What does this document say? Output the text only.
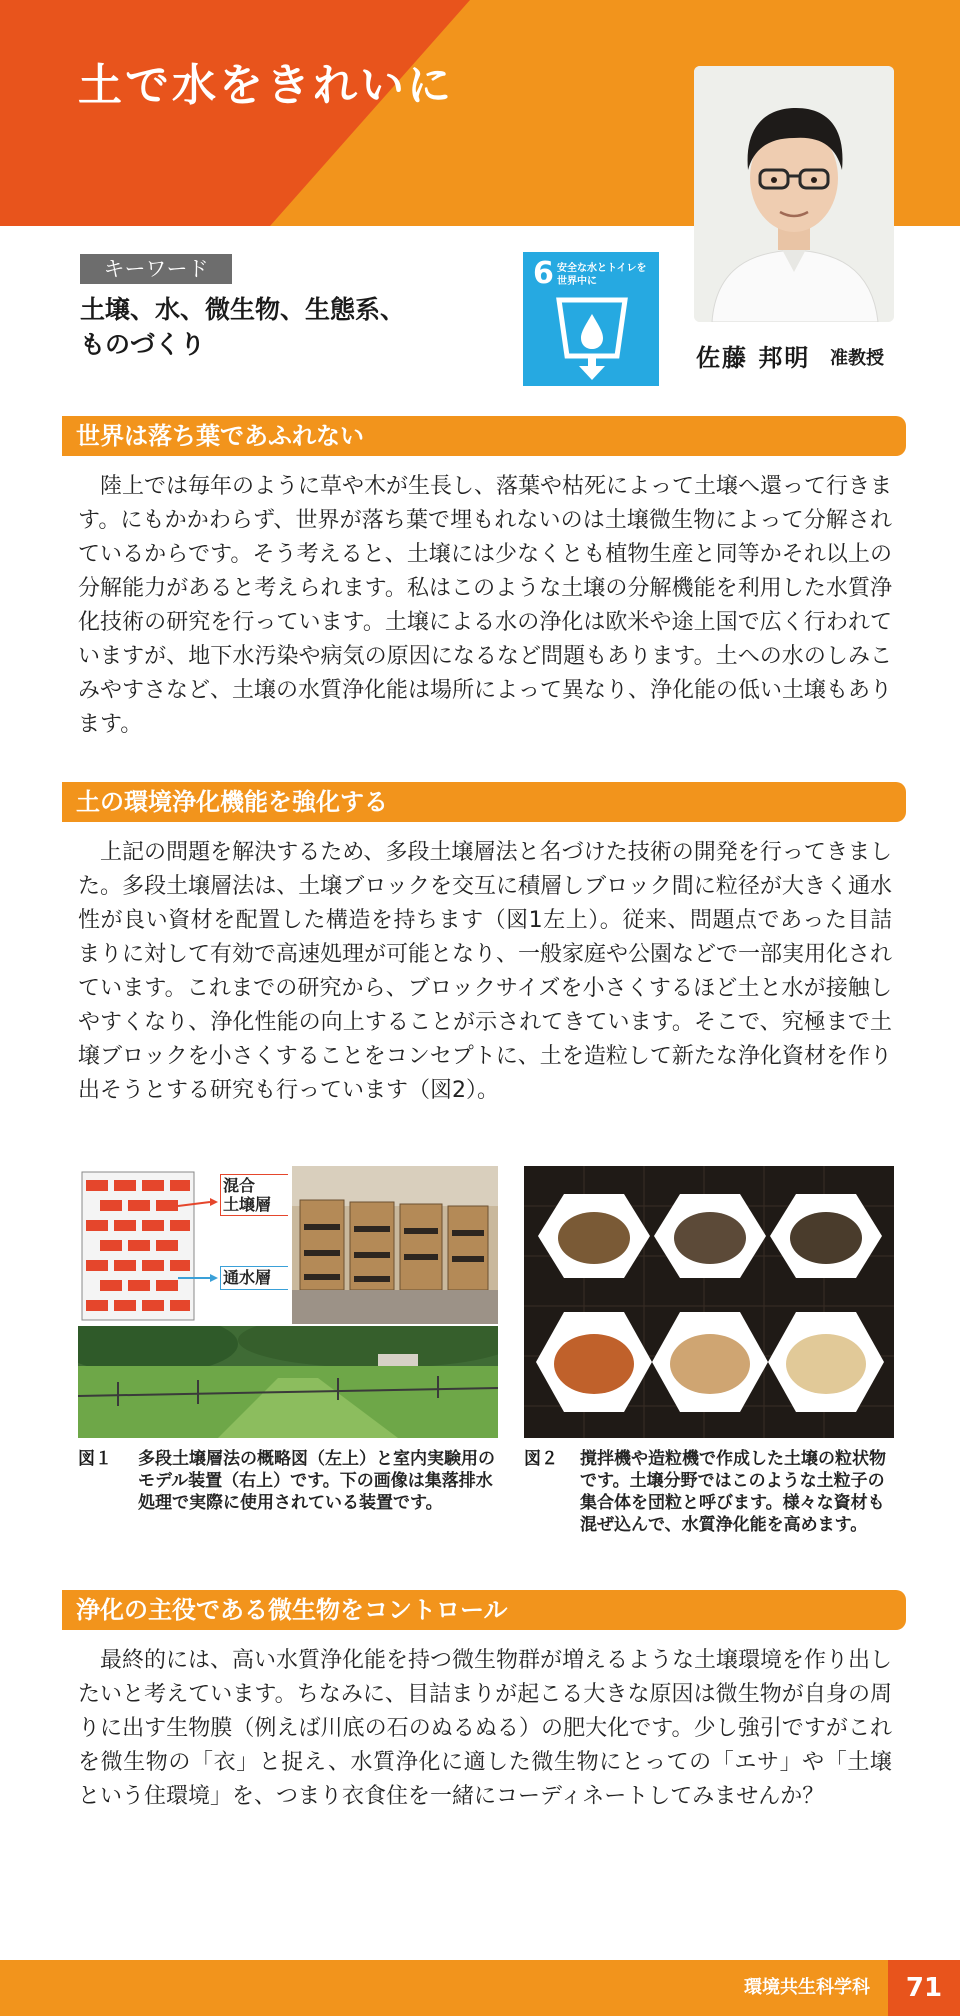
土で水をきれいに
キーワード

土壌、水、微生物、生態系、
ものづくり

6 安全な水とトイレを世界中に
佐藤 邦明 准教授
世界は落ち葉であふれない

陸上では毎年のように草や木が生長し、落葉や枯死によって土壌へ還って行きます。にもかかわらず、世界が落ち葉で埋もれないのは土壌微生物によって分解されているからです。そう考えると、土壌には少なくとも植物生産と同等かそれ以上の分解能力があると考えられます。私はこのような土壌の分解機能を利用した水質浄化技術の研究を行っています。土壌による水の浄化は欧米や途上国で広く行われていますが、地下水汚染や病気の原因になるなど問題もあります。土への水のしみこみやすさなど、土壌の水質浄化能は場所によって異なり、浄化能の低い土壌もあります。

土の環境浄化機能を強化する

上記の問題を解決するため、多段土壌層法と名づけた技術の開発を行ってきました。多段土壌層法は、土壌ブロックを交互に積層しブロック間に粒径が大きく通水性が良い資材を配置した構造を持ちます（図1左上）。従来、問題点であった目詰まりに対して有効で高速処理が可能となり、一般家庭や公園などで一部実用化されています。これまでの研究から、ブロックサイズを小さくするほど土と水が接触しやすくなり、浄化性能の向上することが示されてきています。そこで、究極まで土壌ブロックを小さくすることをコンセプトに、土を造粒して新たな浄化資材を作り出そうとする研究も行っています（図2）。

混合
土壌層
通水層
図１ 多段土壌層法の概略図（左上）と室内実験用のモデル装置（右上）です。下の画像は集落排水処理で実際に使用されている装置です。

図２ 撹拌機や造粒機で作成した土壌の粒状物です。土壌分野ではこのような土粒子の集合体を団粒と呼びます。様々な資材も混ぜ込んで、水質浄化能を高めます。

浄化の主役である微生物をコントロール

最終的には、高い水質浄化能を持つ微生物群が増えるような土壌環境を作り出したいと考えています。ちなみに、目詰まりが起こる大きな原因は微生物が自身の周りに出す生物膜（例えば川底の石のぬるぬる）の肥大化です。少し強引ですがこれを微生物の「衣」と捉え、水質浄化に適した微生物にとっての「エサ」や「土壌という住環境」を、つまり衣食住を一緒にコーディネートしてみませんか？

環境共生科学科	71
